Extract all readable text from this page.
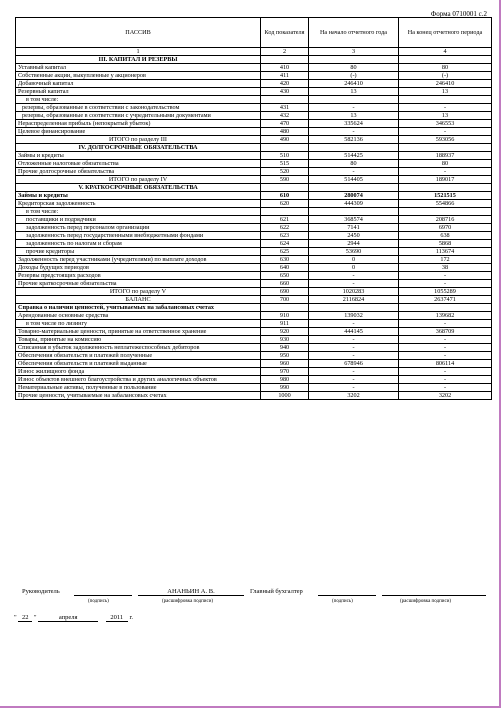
Форма 0710001 с.2
ПАССИВ	Код показателя	На начало отчетного года	На конец отчетного периода
1	2	3	4
III. КАПИТАЛ И РЕЗЕРВЫ			
Уставный капитал	410	80	80
Собственные акции, выкупленные у акционеров	411	(-)	(-)
Добавочный капитал	420	246410	246410
Резервный капитал	430	13	13
в том числе:			
резервы, образованные в соответствии с законодательством	431	-	-
резервы, образованные в соответствии с учредительными документами	432	13	13
Нераспределенная прибыль (непокрытый убыток)	470	335624	346553
Целевое финансирование	480	-	-
ИТОГО по разделу III	490	582136	593056
IV. ДОЛГОСРОЧНЫЕ ОБЯЗАТЕЛЬСТВА			
Займы и кредиты	510	514425	188937
Отложенные налоговые обязательства	515	80	80
Прочие долгосрочные обязательства	520	-	-
ИТОГО по разделу IV	590	514405	189017
V. КРАТКОСРОЧНЫЕ ОБЯЗАТЕЛЬСТВА			
Займы и кредиты	610	280074	1521515
Кредиторская задолженность	620	444309	554866
в том числе:			
поставщики и подрядчики	621	368574	208716
задолженность перед персоналом организации	622	7141	6970
задолженность перед государственными внебюджетными фондами	623	2450	638
задолженность по налогам и сборам	624	2944	5868
прочие кредиторы	625	53690	113674
Задолженность перед участниками (учредителями) по выплате доходов	630	0	172
Доходы будущих периодов	640	0	38
Резервы предстоящих расходов	650	-	-
Прочие краткосрочные обязательства	660	-	-
ИТОГО по разделу V	690	1020283	1055289
БАЛАНС	700	2116824	2637471
Справка о наличии ценностей, учитываемых на забалансовых счетах			
Арендованные основные средства	910	139032	139682
в том числе по лизингу	911	-	-
Товарно-материальные ценности, принятые на ответственное хранение	920	444145	368709
Товары, принятые на комиссию	930	-	-
Списанная в убыток задолженность неплатежеспособных дебиторов	940	-	-
Обеспечения обязательств и платежей полученные	950	-	-
Обеспечения обязательств и платежей выданные	960	678946	806114
Износ жилищного фонда	970	-	-
Износ объектов внешнего благоустройства и других аналогичных объектов	980	-	-
Нематериальные активы, полученные в пользование	990	-	-
Прочие ценности, учитываемые на забалансовых счетах	1000	3202	3202
Руководитель	АНАНЬИН А. В.	Главный бухгалтер
(подпись)	(расшифровка подписи)	(подпись)	(расшифровка подписи)
" 22 "	апреля	2011 г.
